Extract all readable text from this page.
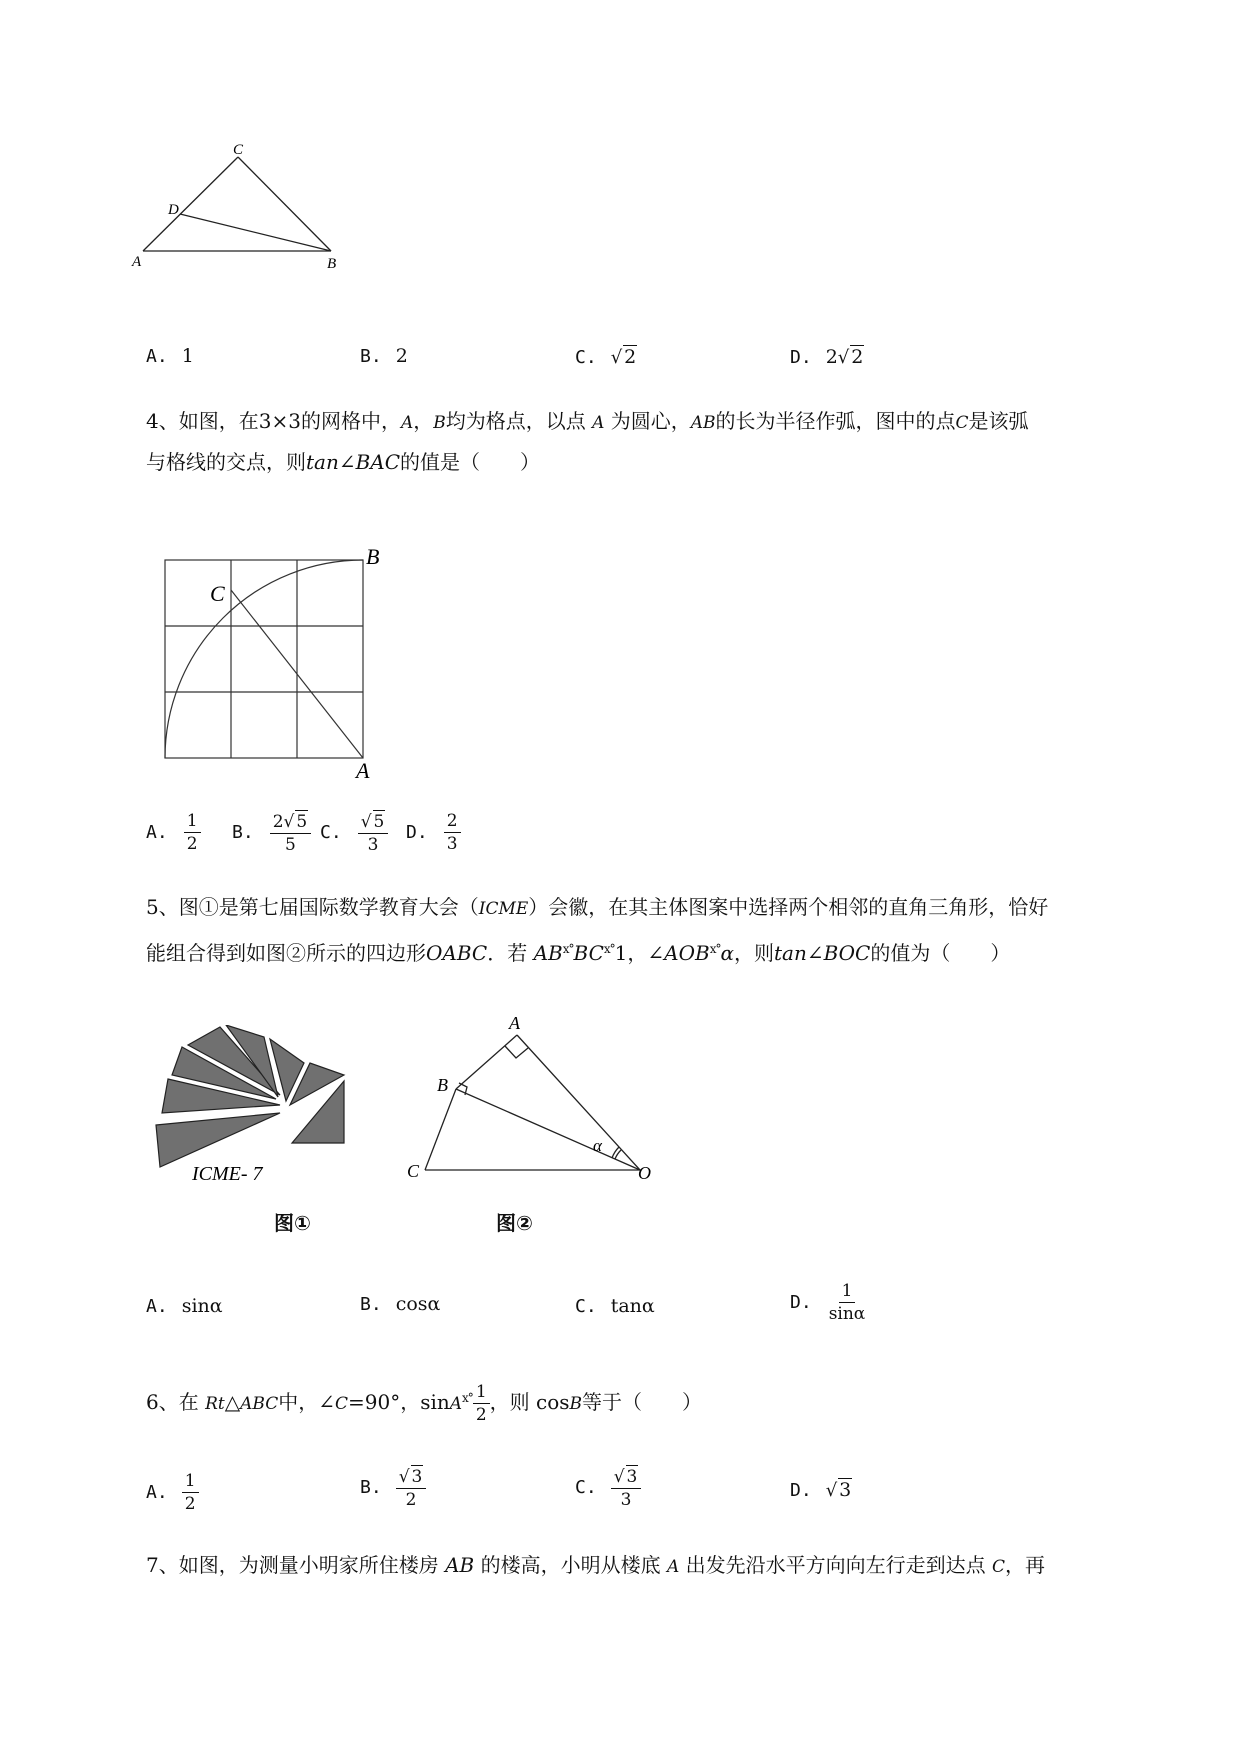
C
D
A	B
A. 1	B. 2	C. √ 2	D. 2√ 2
4、如图，在3×3的网格中，A，B均为格点，以点 A 为圆心，AB的长为半径作弧，图中的点C是该弧
与格线的交点，则tan∠BAC的值是（　　）
B
C
A
A. $\frac{1}{2} B$. $\frac{2√ 5}{5} C$. $\frac{√ 5}{3} D$. $\frac{2}{3}$
5、图①是第七届国际数学教育大会（ICME）会徽，在其主体图案中选择两个相邻的直角三角形，恰好
能组合得到如图②所示的四边形OABC．若 $AB^{x^\circ}BC^{x^\circ}1$，$\angle AOB^{x^\circ}\alpha$，则tan∠BOC的值为（　　）
ICME- 7
A
B
C	O
α
图①	图②
A. sinα	B. cosα	C. tanα	D. $\frac{1}{\sin\alpha}$
6、在 Rt△ABC中，∠C=90°，$\sin A^{x^\circ} \frac{1}{2}$ ，则 cosB等于（　　）
A. $\frac{1}{2}$	B. $\frac{√ 3}{2}$	C. $\frac{√ 3}{3}$	D. √ 3
7、如图，为测量小明家所住楼房 AB 的楼高，小明从楼底 A 出发先沿水平方向向左行走到达点 C，再
